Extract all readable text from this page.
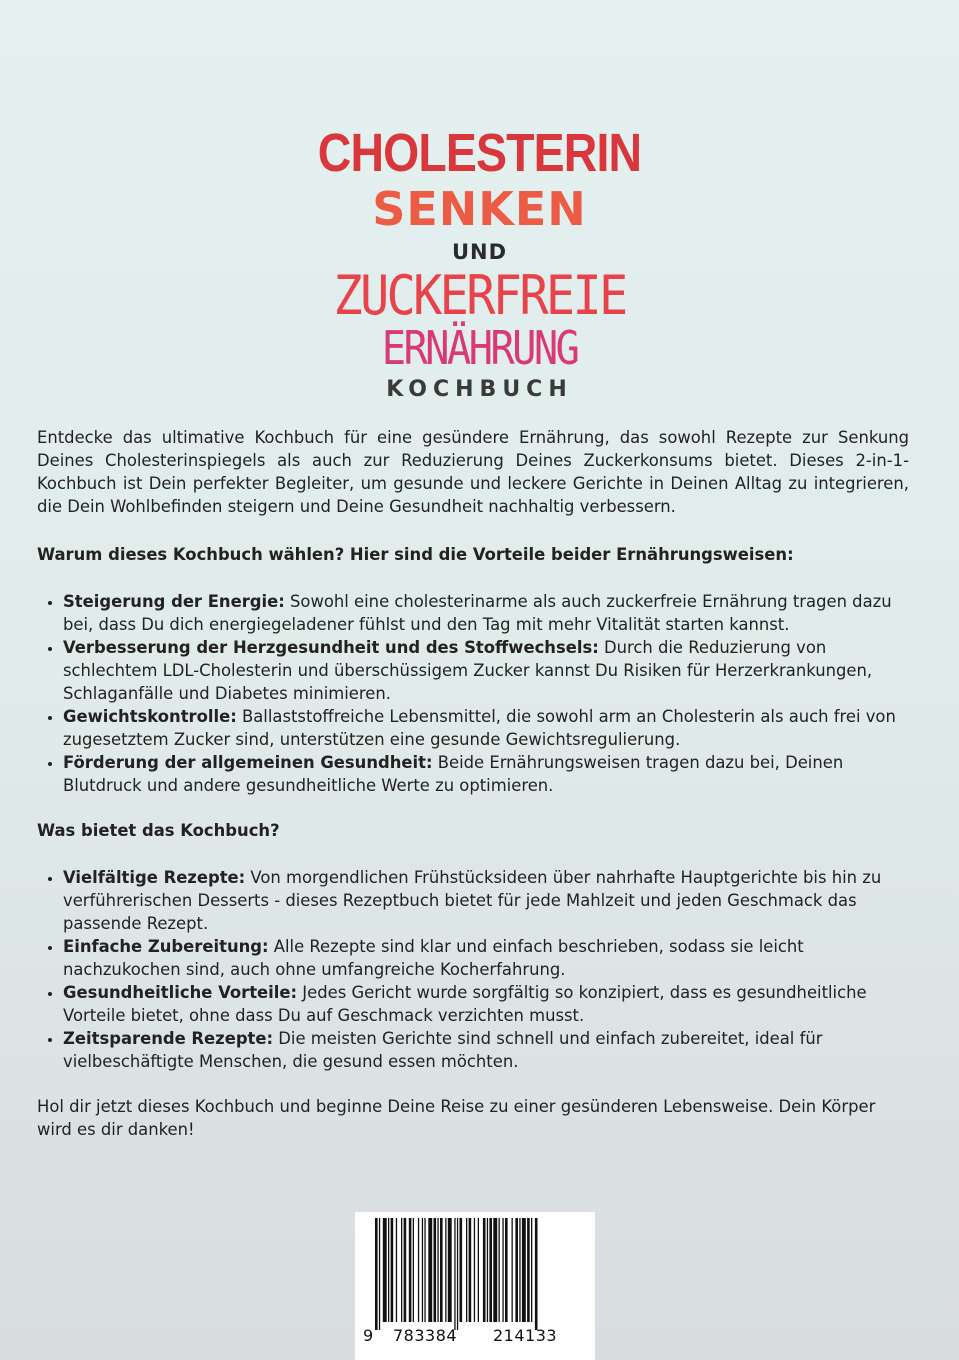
CHOLESTERIN
SENKEN
UND
ZUCKERFREIE
ERNÄHRUNG
KOCHBUCH

Entdecke das ultimative Kochbuch für eine gesündere Ernährung, das sowohl Rezepte zur Senkung Deines Cholesterinspiegels als auch zur Reduzierung Deines Zuckerkonsums bietet. Dieses 2-in-1-Kochbuch ist Dein perfekter Begleiter, um gesunde und leckere Gerichte in Deinen Alltag zu integrieren, die Dein Wohlbefinden steigern und Deine Gesundheit nachhaltig verbessern.

Warum dieses Kochbuch wählen? Hier sind die Vorteile beider Ernährungsweisen:

• Steigerung der Energie: Sowohl eine cholesterinarme als auch zuckerfreie Ernährung tragen dazu bei, dass Du dich energiegeladener fühlst und den Tag mit mehr Vitalität starten kannst.
• Verbesserung der Herzgesundheit und des Stoffwechsels: Durch die Reduzierung von schlechtem LDL-Cholesterin und überschüssigem Zucker kannst Du Risiken für Herzerkrankungen, Schlaganfälle und Diabetes minimieren.
• Gewichtskontrolle: Ballaststoffreiche Lebensmittel, die sowohl arm an Cholesterin als auch frei von zugesetztem Zucker sind, unterstützen eine gesunde Gewichtsregulierung.
• Förderung der allgemeinen Gesundheit: Beide Ernährungsweisen tragen dazu bei, Deinen Blutdruck und andere gesundheitliche Werte zu optimieren.

Was bietet das Kochbuch?

• Vielfältige Rezepte: Von morgendlichen Frühstücksideen über nahrhafte Hauptgerichte bis hin zu verführerischen Desserts - dieses Rezeptbuch bietet für jede Mahlzeit und jeden Geschmack das passende Rezept.
• Einfache Zubereitung: Alle Rezepte sind klar und einfach beschrieben, sodass sie leicht nachzukochen sind, auch ohne umfangreiche Kocherfahrung.
• Gesundheitliche Vorteile: Jedes Gericht wurde sorgfältig so konzipiert, dass es gesundheitliche Vorteile bietet, ohne dass Du auf Geschmack verzichten musst.
• Zeitsparende Rezepte: Die meisten Gerichte sind schnell und einfach zubereitet, ideal für vielbeschäftigte Menschen, die gesund essen möchten.

Hol dir jetzt dieses Kochbuch und beginne Deine Reise zu einer gesünderen Lebensweise. Dein Körper wird es dir danken!

9 783384 214133
